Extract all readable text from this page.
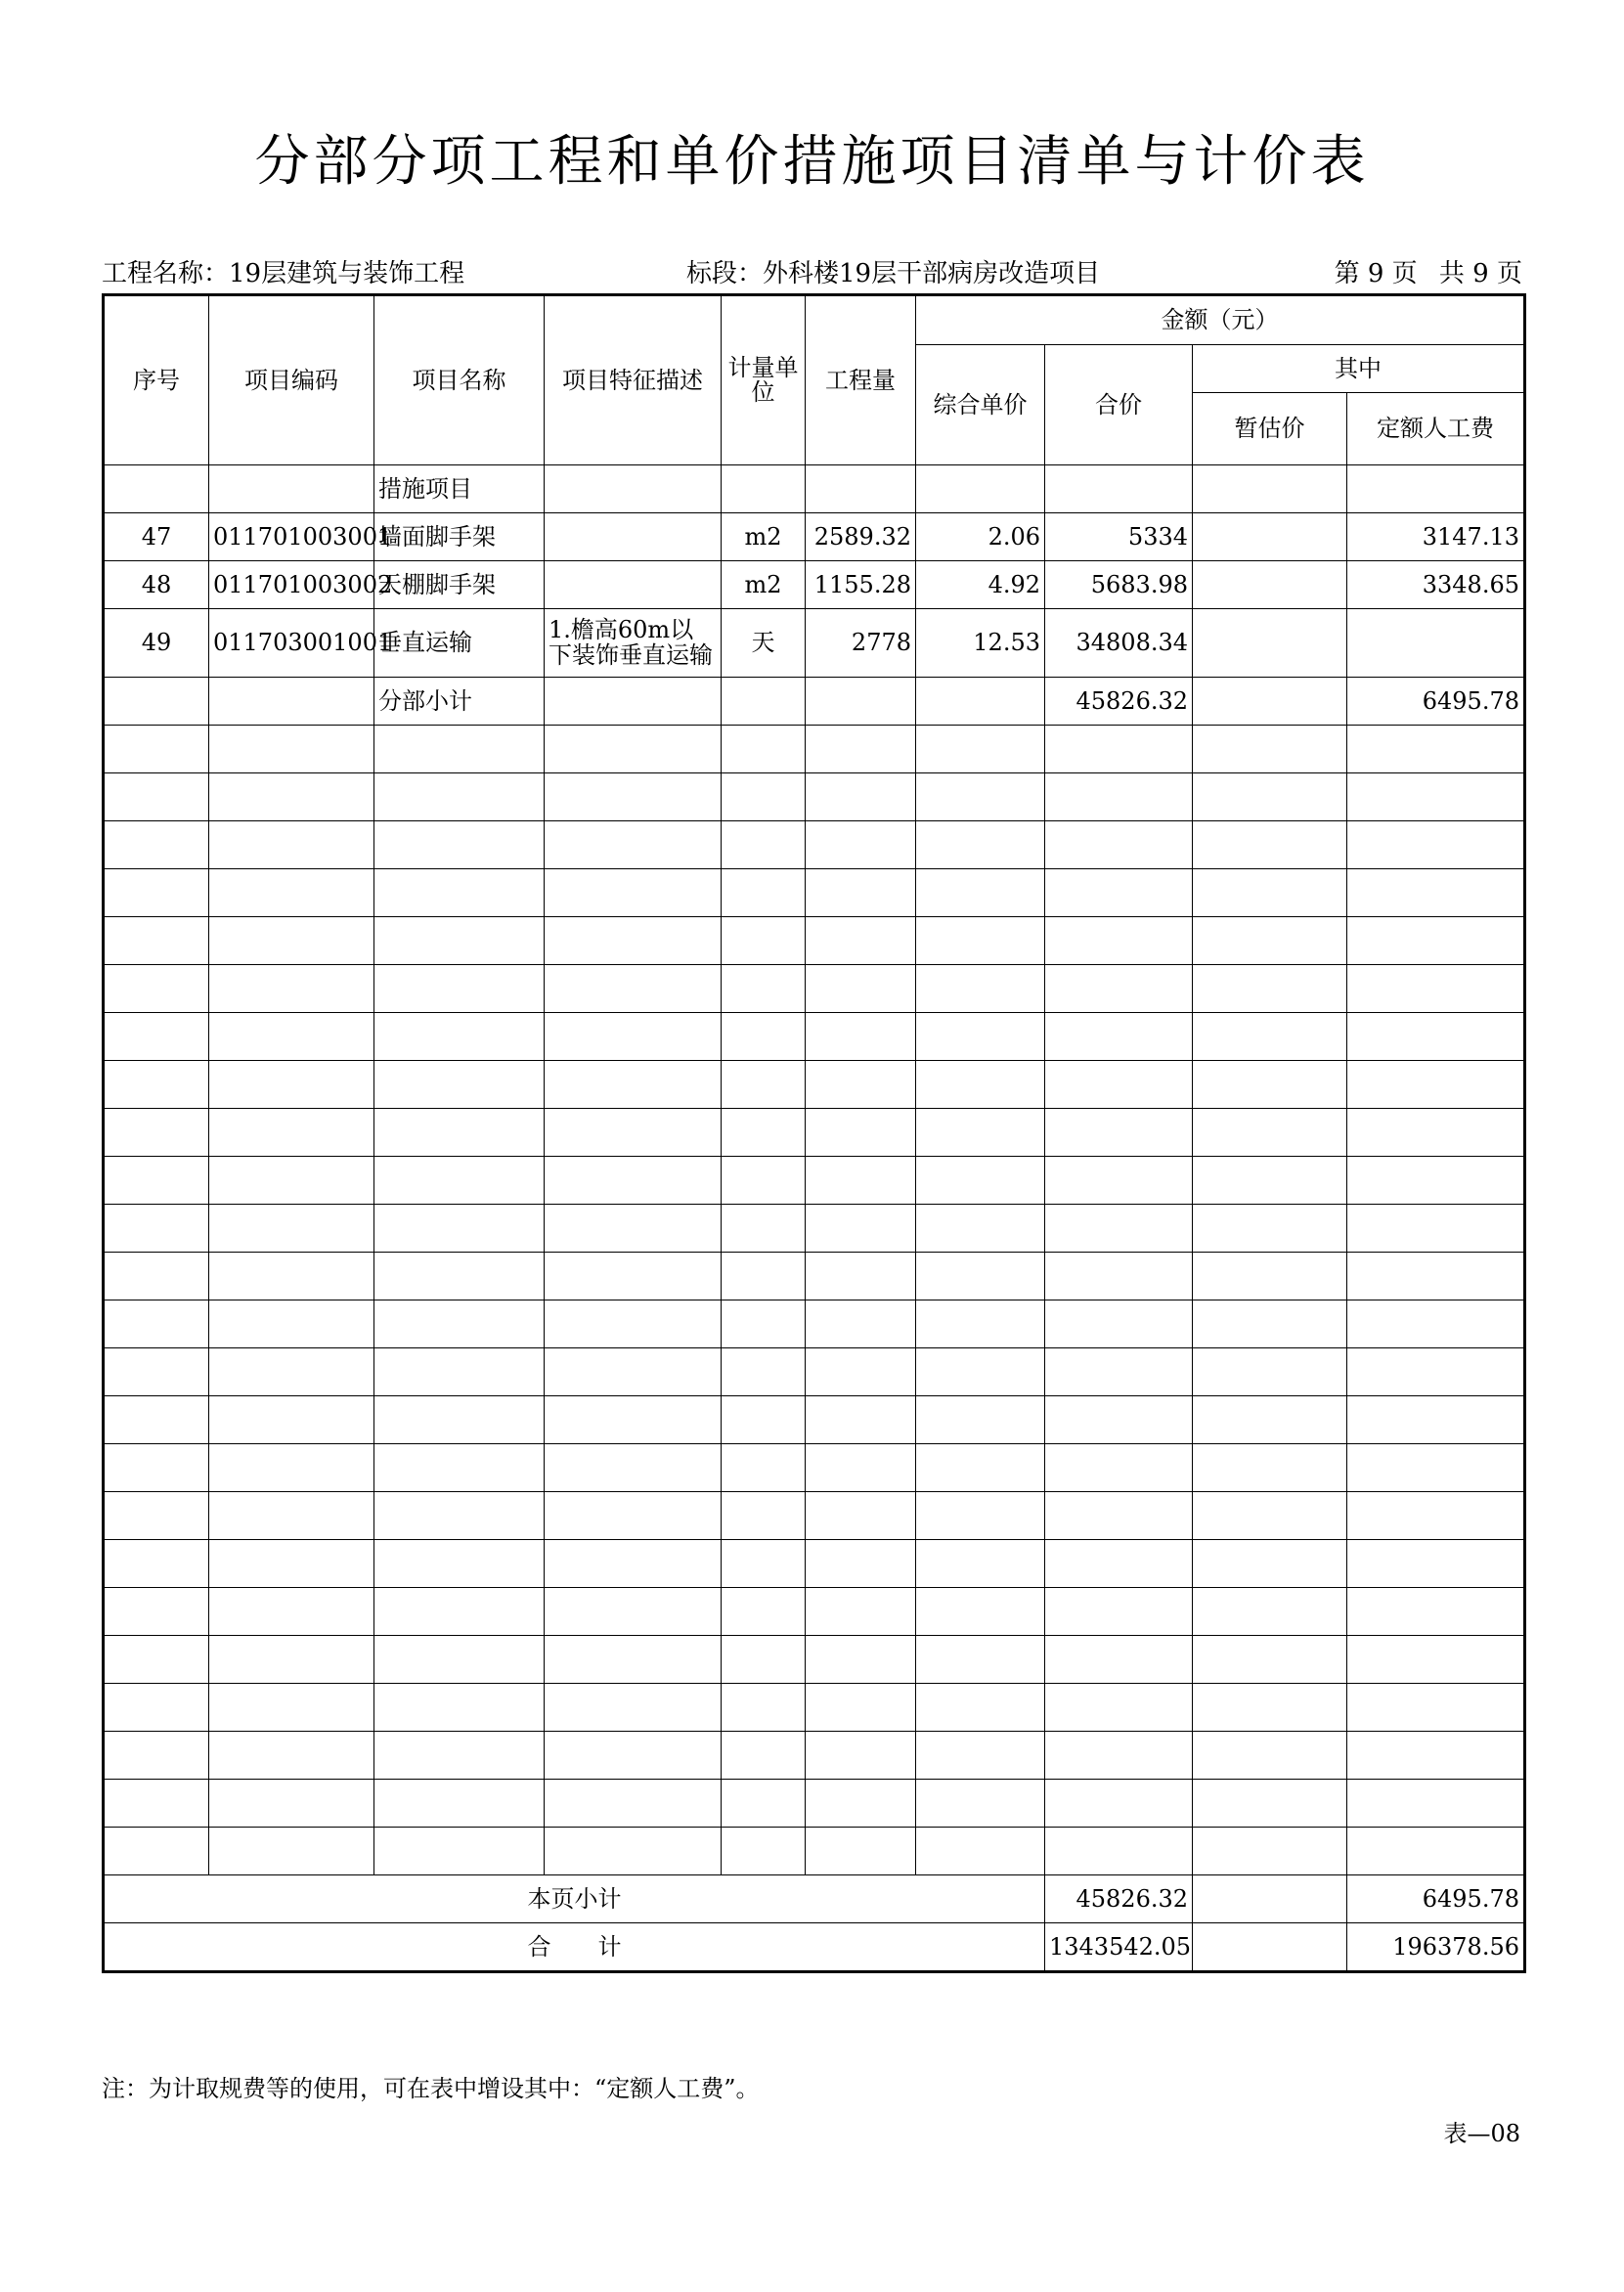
分部分项工程和单价措施项目清单与计价表
工程名称：19层建筑与装饰工程	标段：外科楼19层干部病房改造项目	第 9 页 共 9 页
序号	项目编码	项目名称	项目特征描述	计量单位	工程量	金额（元）			
						综合单价	合价	其中	
								暂估价	定额人工费
		措施项目							
47	011701003001	墙面脚手架		m2	2589.32	2.06	5334		3147.13
48	011701003002	天棚脚手架		m2	1155.28	4.92	5683.98		3348.65
49	011703001001	垂直运输	1.檐高60m以下装饰垂直运输	天	2778	12.53	34808.34		
		分部小计					45826.32		6495.78

本页小计							45826.32		6495.78
合　　计							1343542.05		196378.56
注：为计取规费等的使用，可在表中增设其中：“定额人工费”。
表—08
